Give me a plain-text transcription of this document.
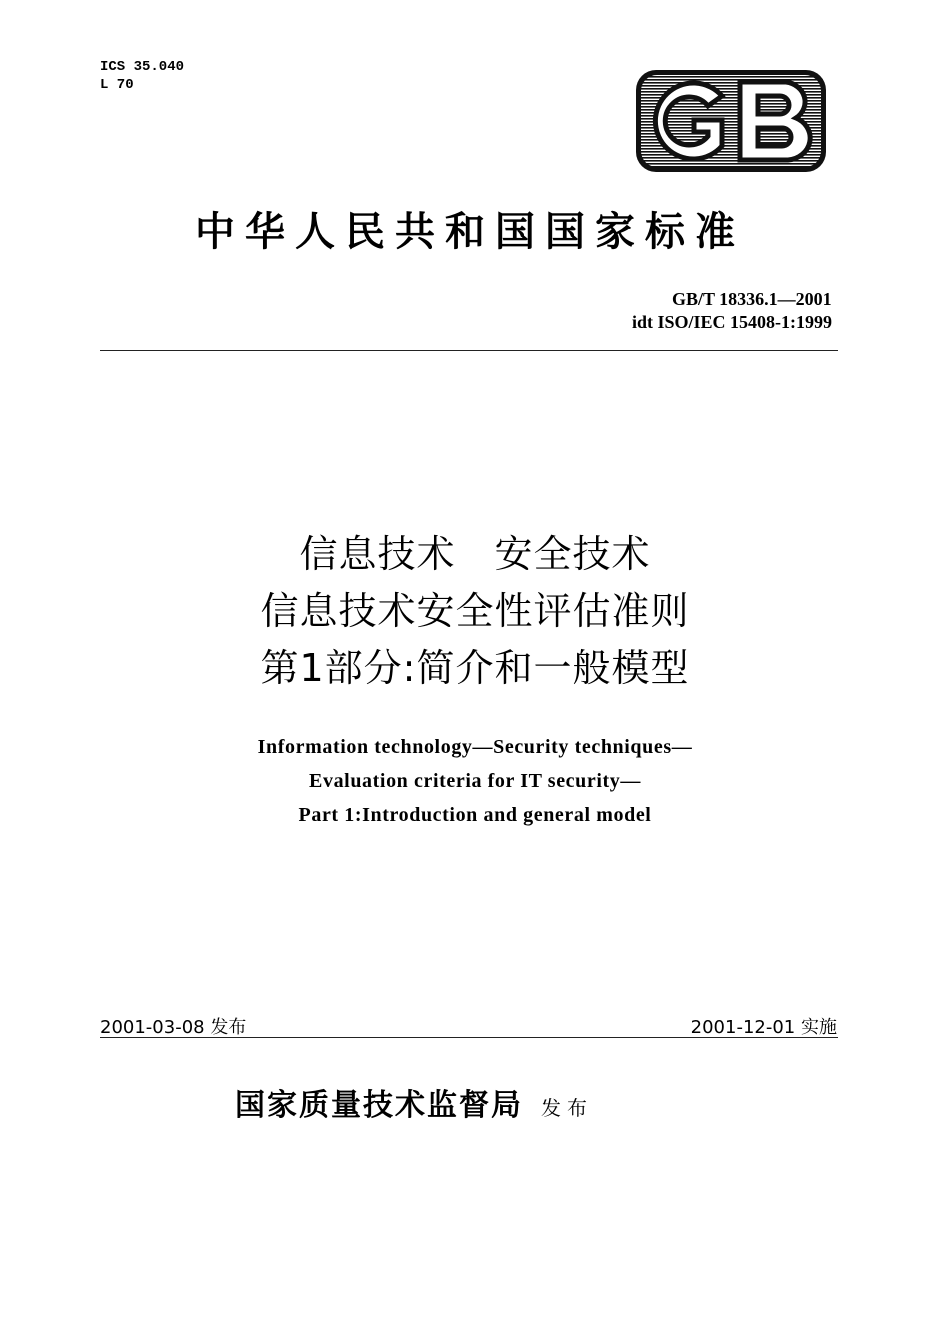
ICS 35.040
L 70
中华人民共和国国家标准
GB/T 18336.1—2001
idt ISO/IEC 15408-1:1999
信息技术　安全技术
信息技术安全性评估准则
第1部分:简介和一般模型
Information technology—Security techniques—
Evaluation criteria for IT security—
Part 1:Introduction and general model
2001-03-08 发布	2001-12-01 实施
国家质量技术监督局 发布
